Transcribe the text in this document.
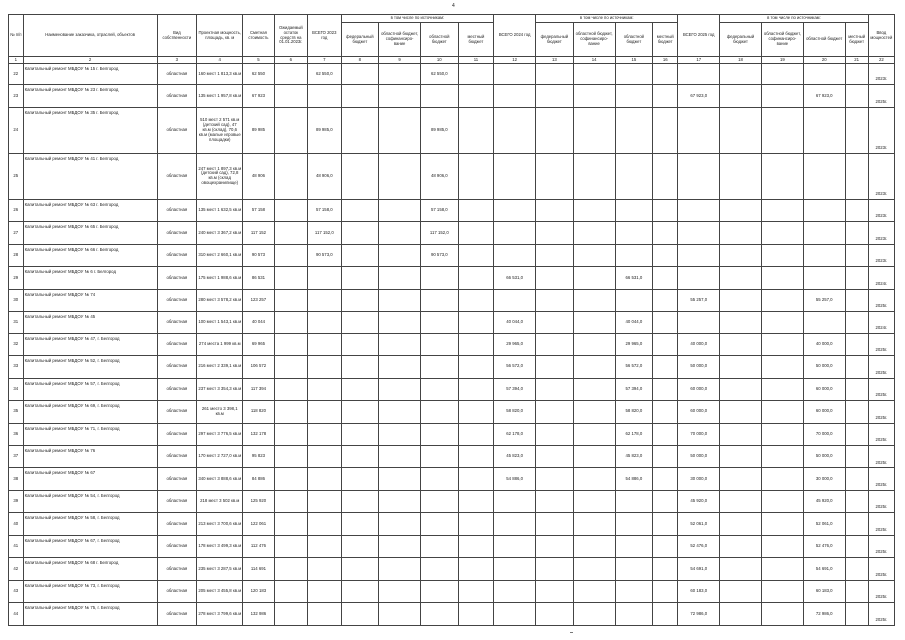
4
№ п/п	Наименование заказчика, отраслей, объектов	Вид собственности	Проектная мощность, площадь, кв. м	Сметная стоимость	Ожидаемый остаток средств на 01.01.2023г.	ВСЕГО 2023 год	в том числе по источникам:				ВСЕГО 2024 год	в том числе по источникам:				ВСЕГО 2025 год	в том числе по источникам:				Ввод мощностей
							федеральный бюджет	областной бюджет, софинансиро-вание	областной бюджет	местный бюджет		федеральный бюджет	областной бюджет, софинансиро-вание	областной бюджет	местный бюджет		федеральный бюджет	областной бюджет, софинансиро-вание	областной бюджет	местный бюджет	
1	2	3	4	5	6	7	8	9	10	11	12	13	14	15	16	17	18	19	20	21	22
22	Капитальный ремонт МБДОУ № 15 г. Белгород	областная	160 мест 1 813,3 кв.м	62 550		62 550,0			62 550,0												2023г.
23	Капитальный ремонт МБДОУ № 23 г. Белгород	областная	135 мест 1 957,8 кв.м	67 923												67 923,0			67 923,0		2025г.
24	Капитальный ремонт МБДОУ № 35 г. Белгород	областная	510 мест 2 571 кв.м (детский сад), 47 кв.м (склад), 70,6 кв.м (малые игровые площадки)	89 985		89 985,0			89 985,0												2023г.
25	Капитальный ремонт МБДОУ № 41 г. Белгород	областная	247 мест 1 897,3 кв.м (детский сад), 72,8 кв.м (склад овощехранилище)	48 906		48 906,0			48 906,0												2023г.
26	Капитальный ремонт МБДОУ № 63 г. Белгород	областная	135 мест 1 632,5 кв.м	57 158		57 158,0			57 158,0												2023г.
27	Капитальный ремонт МБДОУ № 65 г. Белгород	областная	240 мест 3 367,2 кв.м	117 152		117 152,0			117 152,0												2023г.
28	Капитальный ремонт МБДОУ № 66 г. Белгород	областная	310 мест 2 660,1 кв.м	90 573		90 573,0			90 573,0												2023г.
29	Капитальный ремонт МБДОУ № 6 г. Белгород	областная	175 мест 1 988,6 кв.м	86 531							66 531,0			66 531,0							2024г.
30	Капитальный ремонт МБДОУ № 74	областная	280 мест 3 578,2 кв.м	123 257												55 257,0			55 257,0		2025г.
31	Капитальный ремонт МБДОУ № 45	областная	100 мест 1 543,1 кв.м	40 044							40 044,0			40 044,0							2024г.
32	Капитальный ремонт МБДОУ № 47, г. Белгород	областная	274 места 1 999 кв.м	69 965							29 965,0			29 965,0		40 000,0			40 000,0		2025г.
33	Капитальный ремонт МБДОУ № 52, г. Белгород	областная	216 мест 2 339,1 кв.м	106 572							56 572,0			56 572,0		50 000,0			50 000,0		2025г.
34	Капитальный ремонт МБДОУ № 57, г. Белгород	областная	237 мест 3 354,3 кв.м	117 394							57 394,0			57 394,0		60 000,0			60 000,0		2025г.
35	Капитальный ремонт МБДОУ № 69, г. Белгород	областная	261 место 3 398,1 кв.м	118 820							58 820,0			58 820,0		60 000,0			60 000,0		2025г.
36	Капитальный ремонт МБДОУ № 71, г. Белгород	областная	297 мест 3 776,5 кв.м	132 178							62 178,0			62 178,0		70 000,0			70 000,0		2025г.
37	Капитальный ремонт МБДОУ № 76	областная	170 мест 2 727,0 кв.м	95 823							45 823,0			45 823,0		50 000,0			50 000,0		2025г.
38	Капитальный ремонт МБДОУ № 67	областная	340 мест 3 888,6 кв.м	84 886							54 886,0			54 886,0		30 000,0			30 000,0		2025г.
39	Капитальный ремонт МБДОУ № 54, г. Белгород	областная	218 мест 3 502 кв.м	125 920												45 920,0			45 920,0		2025г.
40	Капитальный ремонт МБДОУ № 58, г. Белгород	областная	213 мест 3 700,6 кв.м	122 061												52 061,0			52 061,0		2025г.
41	Капитальный ремонт МБДОУ № 67, г. Белгород	областная	178 мест 3 499,3 кв.м	112 476												52 476,0			52 476,0		2025г.
42	Капитальный ремонт МБДОУ № 68 г. Белгород	областная	235 мест 3 287,5 кв.м	114 691												54 691,0			54 691,0		2025г.
43	Капитальный ремонт МБДОУ № 73, г. Белгород	областная	205 мест 3 455,8 кв.м	120 183												60 183,0			60 183,0		2025г.
44	Капитальный ремонт МБДОУ № 75, г. Белгород	областная	278 мест 3 799,6 кв.м	132 986												72 986,0			72 986,0		2025г.
